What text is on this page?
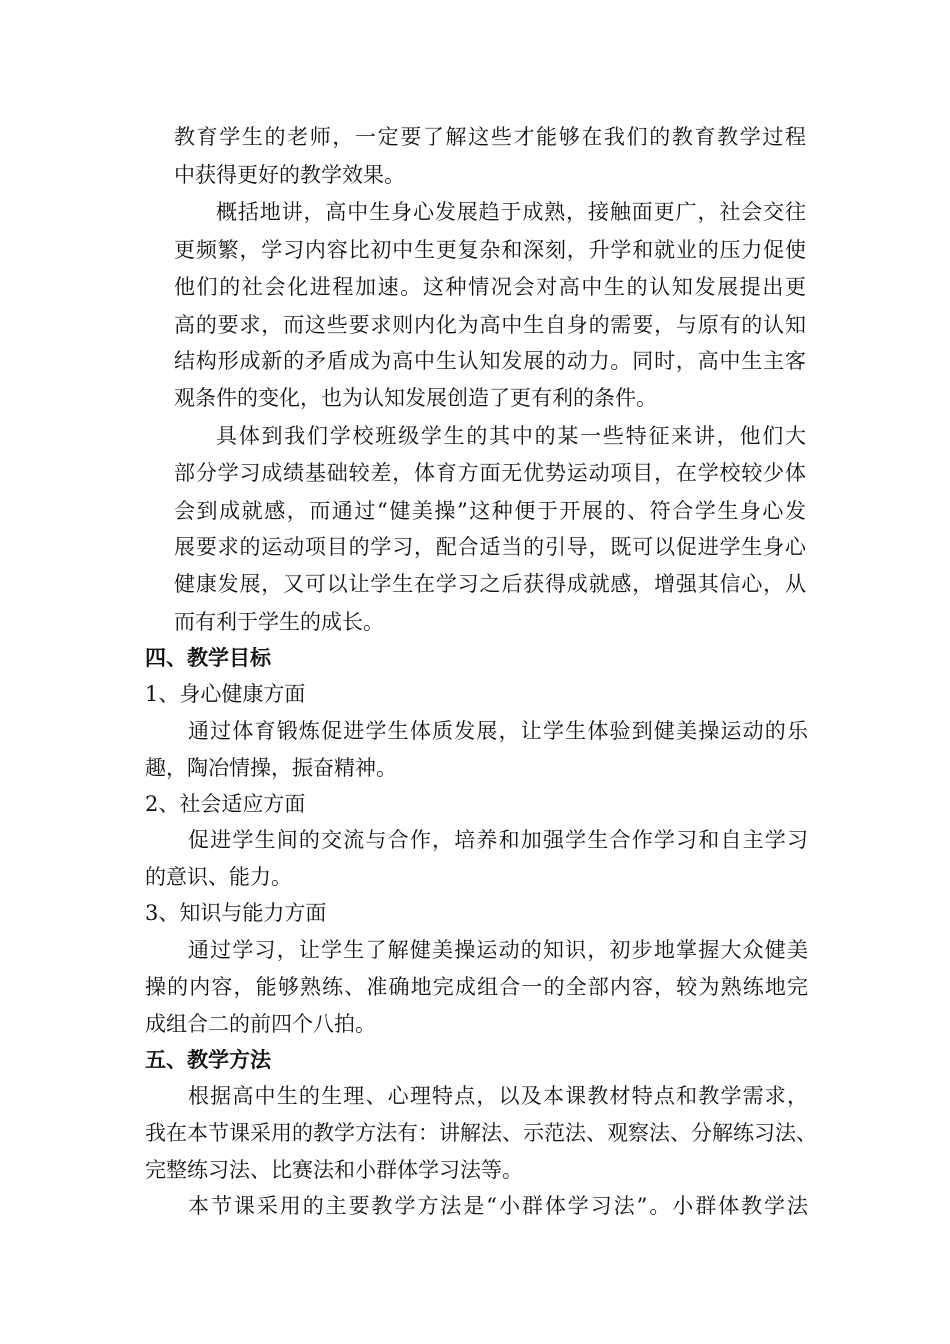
教育学生的老师，一定要了解这些才能够在我们的教育教学过程
中获得更好的教学效果。
概括地讲，高中生身心发展趋于成熟，接触面更广，社会交往
更频繁，学习内容比初中生更复杂和深刻，升学和就业的压力促使
他们的社会化进程加速。这种情况会对高中生的认知发展提出更
高的要求，而这些要求则内化为高中生自身的需要，与原有的认知
结构形成新的矛盾成为高中生认知发展的动力。同时，高中生主客
观条件的变化，也为认知发展创造了更有利的条件。
具体到我们学校班级学生的其中的某一些特征来讲，他们大
部分学习成绩基础较差，体育方面无优势运动项目，在学校较少体
会到成就感，而通过“健美操”这种便于开展的、符合学生身心发
展要求的运动项目的学习，配合适当的引导，既可以促进学生身心
健康发展，又可以让学生在学习之后获得成就感，增强其信心，从
而有利于学生的成长。
四、教学目标
1、身心健康方面
通过体育锻炼促进学生体质发展，让学生体验到健美操运动的乐
趣，陶冶情操，振奋精神。
2、社会适应方面
促进学生间的交流与合作，培养和加强学生合作学习和自主学习
的意识、能力。
3、知识与能力方面
通过学习，让学生了解健美操运动的知识，初步地掌握大众健美
操的内容，能够熟练、准确地完成组合一的全部内容，较为熟练地完
成组合二的前四个八拍。
五、教学方法
根据高中生的生理、心理特点，以及本课教材特点和教学需求，
我在本节课采用的教学方法有：讲解法、示范法、观察法、分解练习法、
完整练习法、比赛法和小群体学习法等。
本节课采用的主要教学方法是“小群体学习法”。小群体教学法
